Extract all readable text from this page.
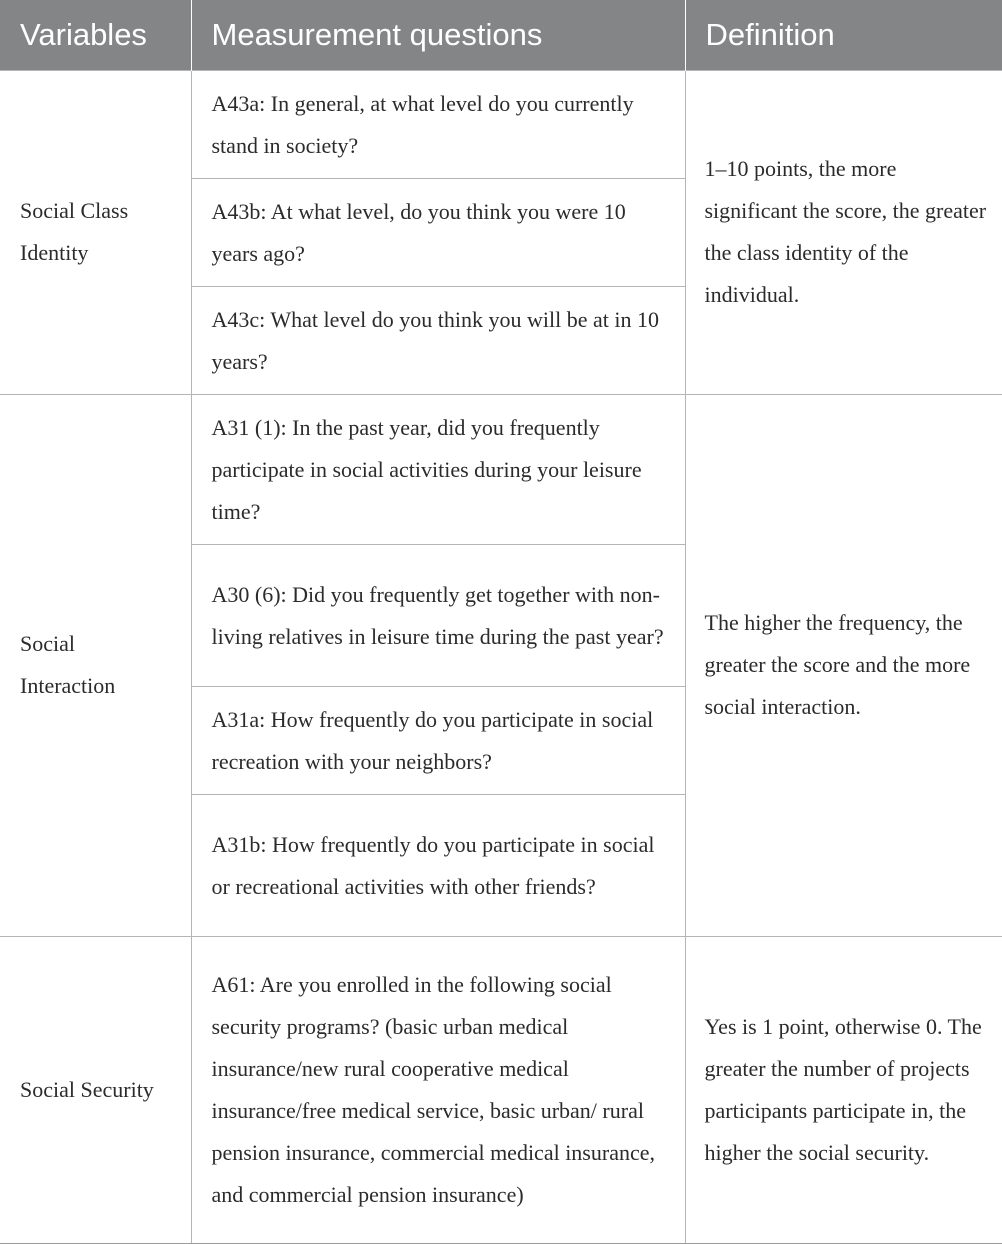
Variables	Measurement questions	Definition
Social Class Identity	A43a: In general, at what level do you currently stand in society?	1–10 points, the more significant the score, the greater the class identity of the individual.
	A43b: At what level, do you think you were 10 years ago?	
	A43c: What level do you think you will be at in 10 years?	
Social Interaction	A31 (1): In the past year, did you frequently participate in social activities during your leisure time?	The higher the frequency, the greater the score and the more social interaction.
	A30 (6): Did you frequently get together with non-living relatives in leisure time during the past year?	
	A31a: How frequently do you participate in social recreation with your neighbors?	
	A31b: How frequently do you participate in social or recreational activities with other friends?	
Social Security	A61: Are you enrolled in the following social security programs? (basic urban medical insurance/new rural cooperative medical insurance/free medical service, basic urban/ rural pension insurance, commercial medical insurance, and commercial pension insurance)	Yes is 1 point, otherwise 0. The greater the number of projects participants participate in, the higher the social security.
